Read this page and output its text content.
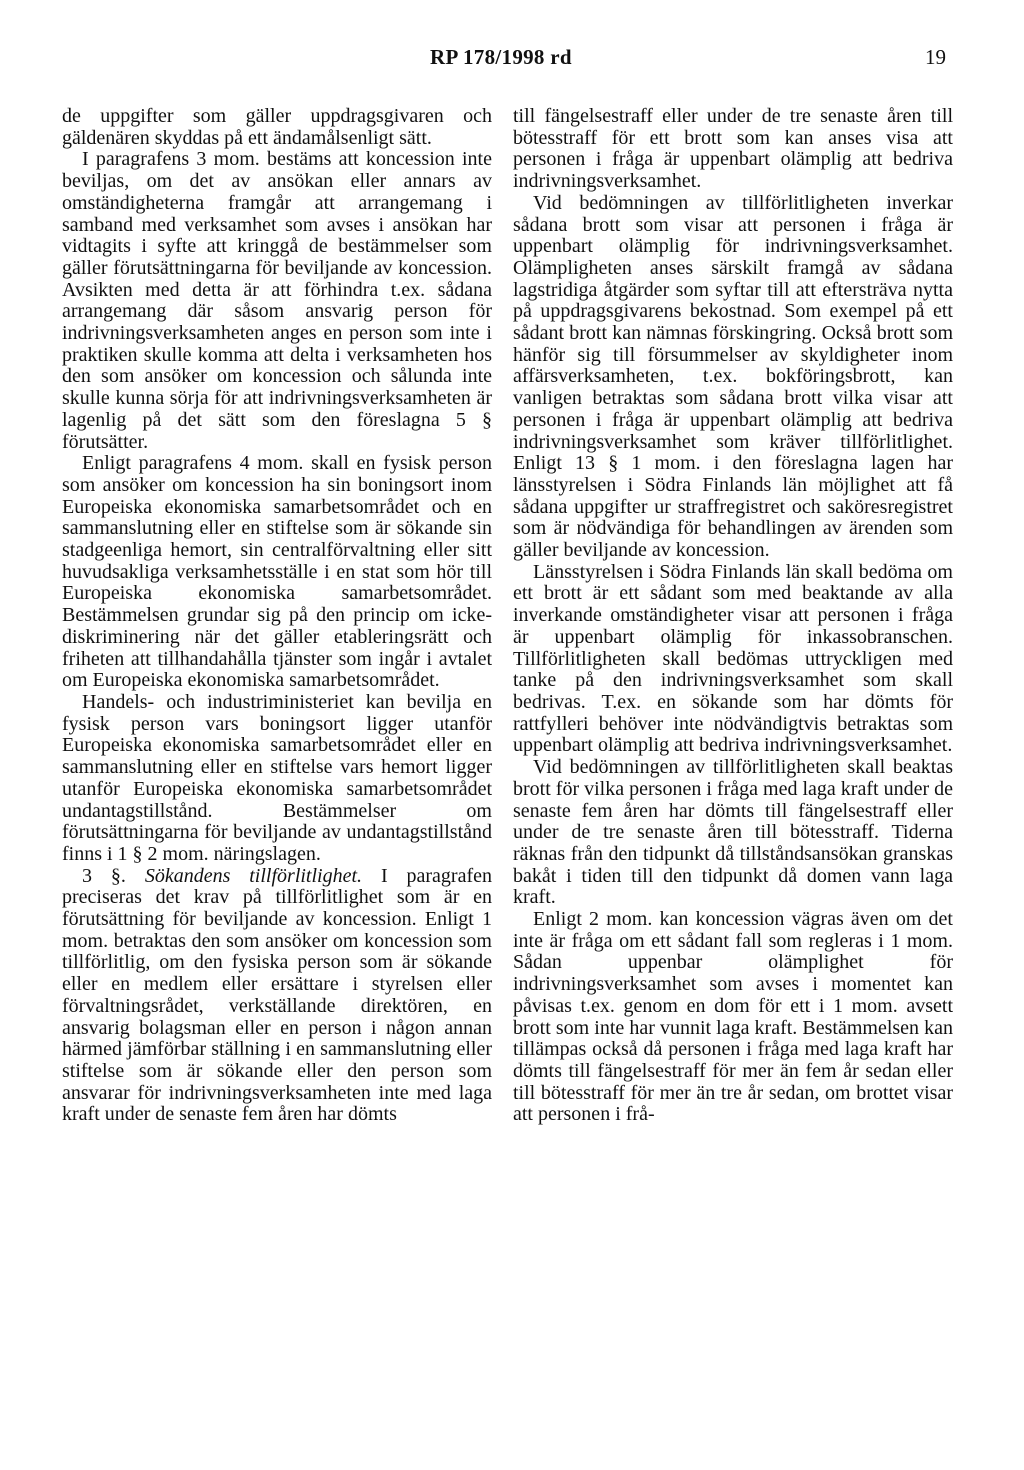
RP 178/1998 rd	19

de uppgifter som gäller uppdragsgivaren och gäldenären skyddas på ett ändamålsenligt sätt.

I paragrafens 3 mom. bestäms att koncession inte beviljas, om det av ansökan eller annars av omständigheterna framgår att arrangemang i samband med verksamhet som avses i ansökan har vidtagits i syfte att kringgå de bestämmelser som gäller förutsättningarna för beviljande av koncession. Avsikten med detta är att förhindra t.ex. sådana arrangemang där såsom ansvarig person för indrivningsverksamheten anges en person som inte i praktiken skulle komma att delta i verksamheten hos den som ansöker om koncession och sålunda inte skulle kunna sörja för att indrivningsverksamheten är lagenlig på det sätt som den föreslagna 5 § förutsätter.

Enligt paragrafens 4 mom. skall en fysisk person som ansöker om koncession ha sin boningsort inom Europeiska ekonomiska samarbetsområdet och en sammanslutning eller en stiftelse som är sökande sin stadgeenliga hemort, sin centralförvaltning eller sitt huvudsakliga verksamhetsställe i en stat som hör till Europeiska ekonomiska samarbetsområdet. Bestämmelsen grundar sig på den princip om icke-diskriminering när det gäller etableringsrätt och friheten att tillhandahålla tjänster som ingår i avtalet om Europeiska ekonomiska samarbetsområdet.

Handels- och industriministeriet kan bevilja en fysisk person vars boningsort ligger utanför Europeiska ekonomiska samarbetsområdet eller en sammanslutning eller en stiftelse vars hemort ligger utanför Europeiska ekonomiska samarbetsområdet undantagstillstånd. Bestämmelser om förutsättningarna för beviljande av undantagstillstånd finns i 1 § 2 mom. näringslagen.

3 §. Sökandens tillförlitlighet. I paragrafen preciseras det krav på tillförlitlighet som är en förutsättning för beviljande av koncession. Enligt 1 mom. betraktas den som ansöker om koncession som tillförlitlig, om den fysiska person som är sökande eller en medlem eller ersättare i styrelsen eller förvaltningsrådet, verkställande direktören, en ansvarig bolagsman eller en person i någon annan härmed jämförbar ställning i en sammanslutning eller stiftelse som är sökande eller den person som ansvarar för indrivningsverksamheten inte med laga kraft under de senaste fem åren har dömts

till fängelsestraff eller under de tre senaste åren till bötesstraff för ett brott som kan anses visa att personen i fråga är uppenbart olämplig att bedriva indrivningsverksamhet.

Vid bedömningen av tillförlitligheten inverkar sådana brott som visar att personen i fråga är uppenbart olämplig för indrivningsverksamhet. Olämpligheten anses särskilt framgå av sådana lagstridiga åtgärder som syftar till att eftersträva nytta på uppdragsgivarens bekostnad. Som exempel på ett sådant brott kan nämnas förskingring. Också brott som hänför sig till försummelser av skyldigheter inom affärsverksamheten, t.ex. bokföringsbrott, kan vanligen betraktas som sådana brott vilka visar att personen i fråga är uppenbart olämplig att bedriva indrivningsverksamhet som kräver tillförlitlighet. Enligt 13 § 1 mom. i den föreslagna lagen har länsstyrelsen i Södra Finlands län möjlighet att få sådana uppgifter ur straffregistret och saköresregistret som är nödvändiga för behandlingen av ärenden som gäller beviljande av koncession.

Länsstyrelsen i Södra Finlands län skall bedöma om ett brott är ett sådant som med beaktande av alla inverkande omständigheter visar att personen i fråga är uppenbart olämplig för inkassobranschen. Tillförlitligheten skall bedömas uttryckligen med tanke på den indrivningsverksamhet som skall bedrivas. T.ex. en sökande som har dömts för rattfylleri behöver inte nödvändigtvis betraktas som uppenbart olämplig att bedriva indrivningsverksamhet.

Vid bedömningen av tillförlitligheten skall beaktas brott för vilka personen i fråga med laga kraft under de senaste fem åren har dömts till fängelsestraff eller under de tre senaste åren till bötesstraff. Tiderna räknas från den tidpunkt då tillståndsansökan granskas bakåt i tiden till den tidpunkt då domen vann laga kraft.

Enligt 2 mom. kan koncession vägras även om det inte är fråga om ett sådant fall som regleras i 1 mom. Sådan uppenbar olämplighet för indrivningsverksamhet som avses i momentet kan påvisas t.ex. genom en dom för ett i 1 mom. avsett brott som inte har vunnit laga kraft. Bestämmelsen kan tillämpas också då personen i fråga med laga kraft har dömts till fängelsestraff för mer än fem år sedan eller till bötesstraff för mer än tre år sedan, om brottet visar att personen i frå-
